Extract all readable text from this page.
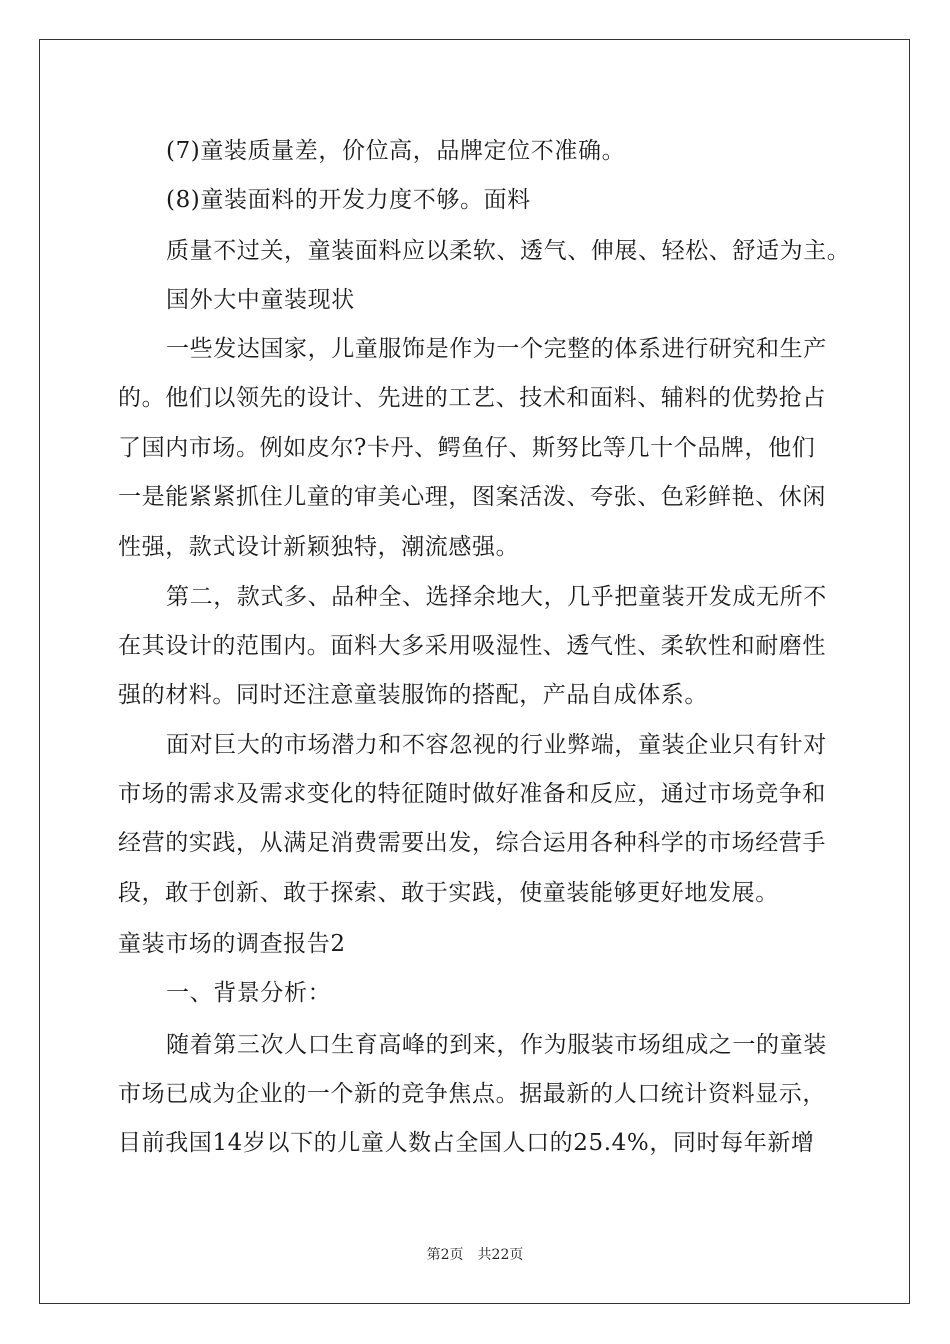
(7)童装质量差，价位高，品牌定位不准确。
(8)童装面料的开发力度不够。面料
质量不过关，童装面料应以柔软、透气、伸展、轻松、舒适为主。
国外大中童装现状
一些发达国家，儿童服饰是作为一个完整的体系进行研究和生产
的。他们以领先的设计、先进的工艺、技术和面料、辅料的优势抢占
了国内市场。例如皮尔?卡丹、鳄鱼仔、斯努比等几十个品牌，他们
一是能紧紧抓住儿童的审美心理，图案活泼、夸张、色彩鲜艳、休闲
性强，款式设计新颖独特，潮流感强。
第二，款式多、品种全、选择余地大，几乎把童装开发成无所不
在其设计的范围内。面料大多采用吸湿性、透气性、柔软性和耐磨性
强的材料。同时还注意童装服饰的搭配，产品自成体系。
面对巨大的市场潜力和不容忽视的行业弊端，童装企业只有针对
市场的需求及需求变化的特征随时做好准备和反应，通过市场竞争和
经营的实践，从满足消费需要出发，综合运用各种科学的市场经营手
段，敢于创新、敢于探索、敢于实践，使童装能够更好地发展。
童装市场的调查报告2
一、背景分析：
随着第三次人口生育高峰的到来，作为服装市场组成之一的童装
市场已成为企业的一个新的竞争焦点。据最新的人口统计资料显示，
目前我国14岁以下的儿童人数占全国人口的25.4%，同时每年新增
第2页　共22页
